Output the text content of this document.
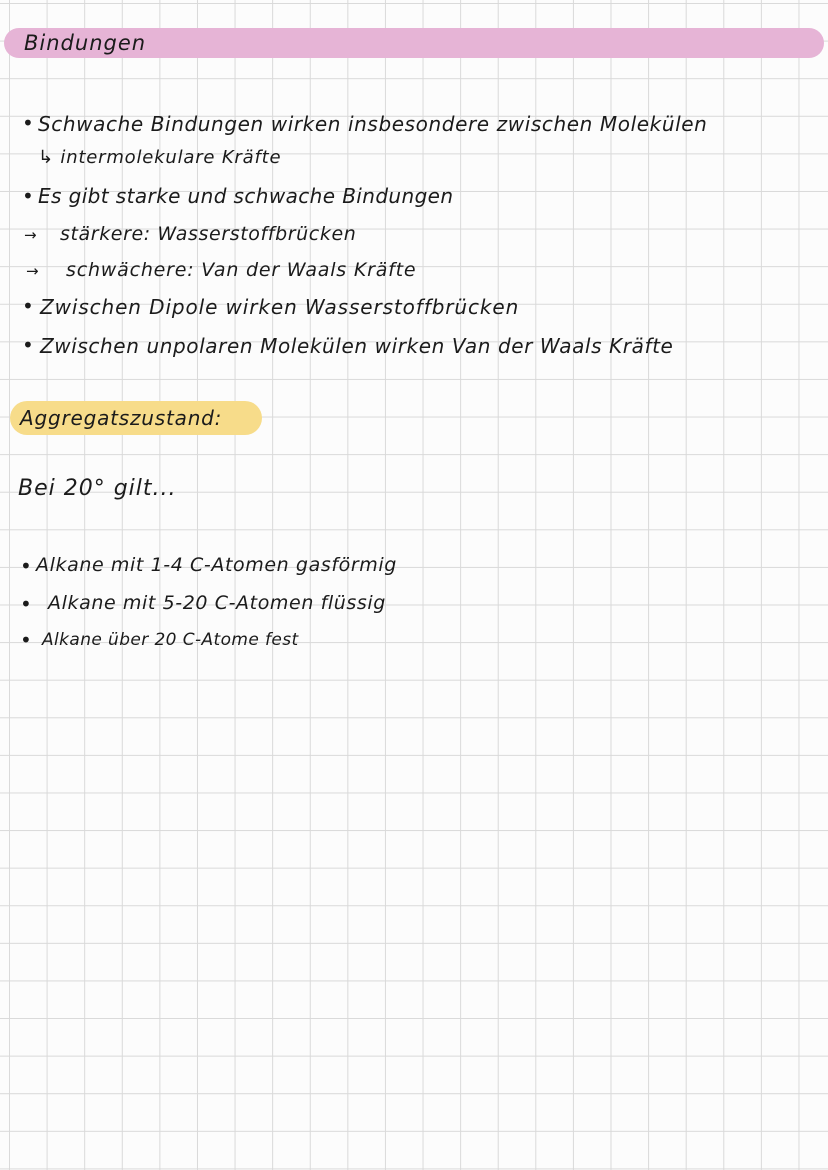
Bindungen
• Schwache Bindungen wirken insbesondere zwischen Molekülen
↳ intermolekulare Kräfte
• Es gibt starke und schwache Bindungen
→ stärkere: Wasserstoffbrücken
→ schwächere: Van der Waals Kräfte
• Zwischen Dipole wirken Wasserstoffbrücken
• Zwischen unpolaren Molekülen wirken Van der Waals Kräfte
Aggregatszustand:
Bei 20° gilt...
• Alkane mit 1-4 C-Atomen gasförmig
• Alkane mit 5-20 C-Atomen flüssig
• Alkane über 20 C-Atome fest
